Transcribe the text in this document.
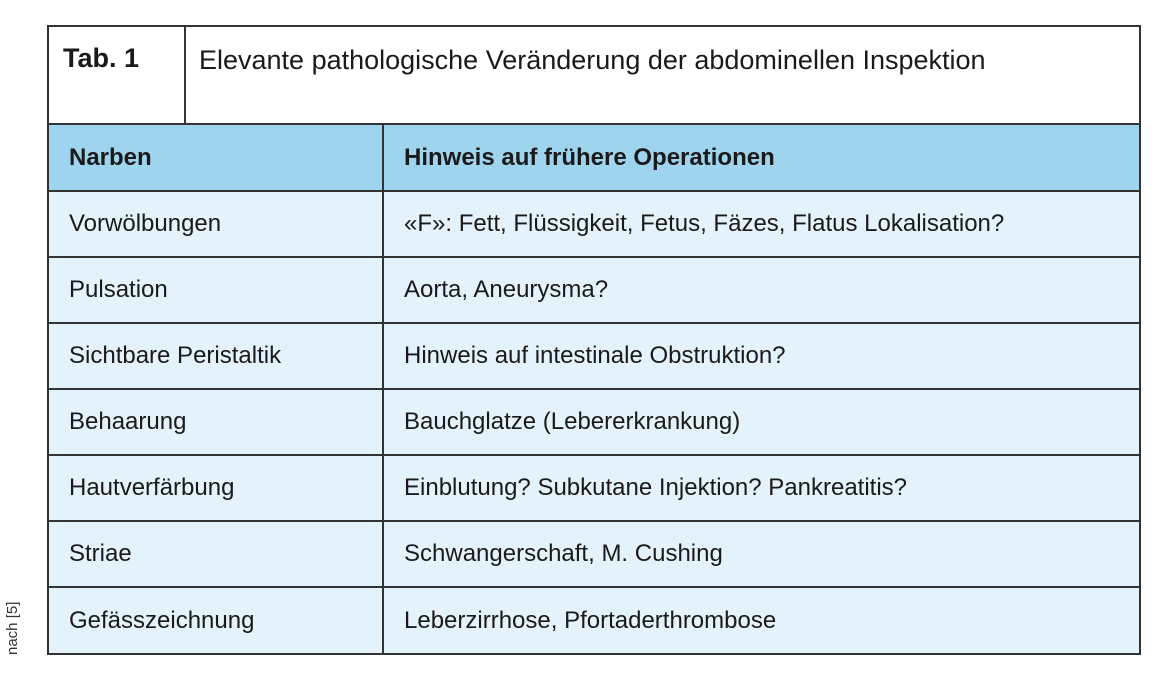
Tab. 1	Elevante pathologische Veränderung der abdominellen Inspektion
Narben	Hinweis auf frühere Operationen
Vorwölbungen	«F»: Fett, Flüssigkeit, Fetus, Fäzes, Flatus Lokalisation?
Pulsation	Aorta, Aneurysma?
Sichtbare Peristaltik	Hinweis auf intestinale Obstruktion?
Behaarung	Bauchglatze (Lebererkrankung)
Hautverfärbung	Einblutung? Subkutane Injektion? Pankreatitis?
Striae	Schwangerschaft, M. Cushing
Gefässzeichnung	Leberzirrhose, Pfortaderthrombose
nach [5]
